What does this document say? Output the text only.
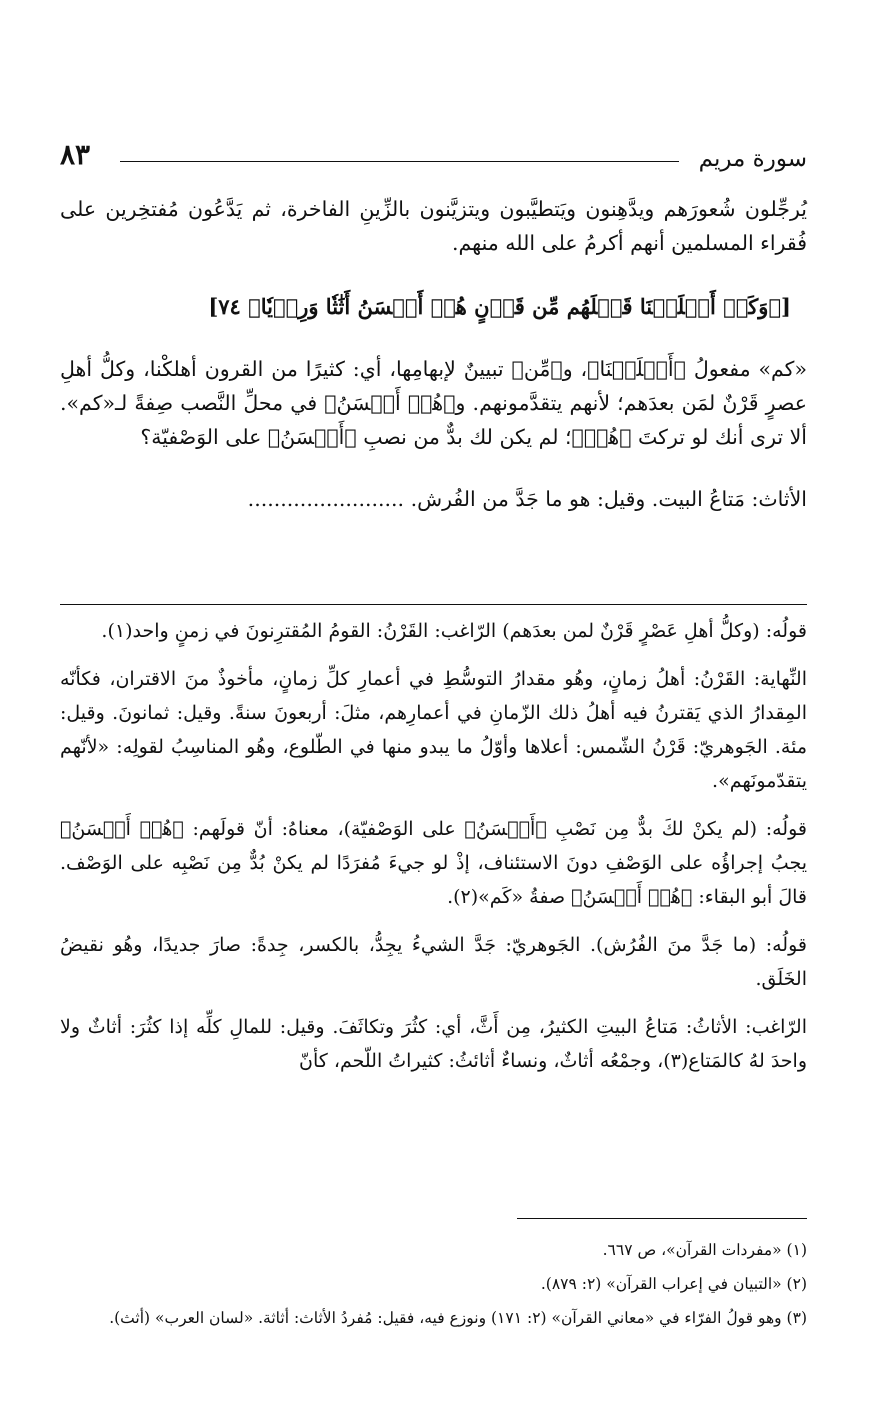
سورة مريم
٨٣

يُرجِّلون شُعورَهم ويدَّهِنون ويَتطيَّبون ويتزيَّنون بالزِّينِ الفاخرة، ثم يَدَّعُون مُفتخِرين على فُقراء المسلمين أنهم أكرمُ على الله منهم.

[﴿وَكَمۡ أَهۡلَكۡنَا قَبۡلَهُم مِّن قَرۡنٍ هُمۡ أَحۡسَنُ أَثَٰثٗا وَرِءۡيٗا﴾ ٧٤]

«كم» مفعولُ ﴿أَهۡلَكۡنَا﴾، و﴿مِّن﴾ تبيينٌ لإبهامِها، أي: كثيرًا من القرون أهلكْنا، وكلُّ أهلِ عصرٍ قَرْنٌ لمَن بعدَهم؛ لأنهم يتقدَّمونهم. و﴿هُمۡ أَحۡسَنُ﴾ في محلِّ النَّصب صِفةً لـ«كم». ألا ترى أنك لو تركتَ ﴿هُمۡ﴾؛ لم يكن لك بدٌّ من نصبِ ﴿أَحۡسَنُ﴾ على الوَصْفيّة؟

الأثاث: مَتاعُ البيت. وقيل: هو ما جَدَّ من الفُرش. ........................

قولُه: (وكلُّ أهلِ عَصْرٍ قَرْنٌ لمن بعدَهم) الرّاغب: القَرْنُ: القومُ المُقترِنونَ في زمنٍ واحد(١).

النِّهاية: القَرْنُ: أهلُ زمانٍ، وهُو مقدارُ التوسُّطِ في أعمارِ كلِّ زمانٍ، مأخوذٌ منَ الاقتران، فكأنّه المِقدارُ الذي يَقترنُ فيه أهلُ ذلك الزّمانِ في أعمارِهم، مثلَ: أربعونَ سنةً. وقيل: ثمانونَ. وقيل: مئة. الجَوهريّ: قَرْنُ الشّمس: أعلاها وأوّلُ ما يبدو منها في الطّلوع، وهُو المناسِبُ لقولِه: «لأنّهم يتقدّمونَهم».

قولُه: (لم يكنْ لكَ بدٌّ مِن نَصْبِ ﴿أَحۡسَنُ﴾ على الوَصْفيّة)، معناهُ: أنّ قولَهم: ﴿هُمۡ أَحۡسَنُ﴾ يجبُ إجراؤُه على الوَصْفِ دونَ الاستئناف، إذْ لو جيءَ مُفرَدًا لم يكنْ بُدٌّ مِن نَصْبِه على الوَصْف. قالَ أبو البقاء: ﴿هُمۡ أَحۡسَنُ﴾ صفةُ «كَم»(٢).

قولُه: (ما جَدَّ منَ الفُرُش). الجَوهريّ: جَدَّ الشيءُ يجِدُّ، بالكسر، جِدةً: صارَ جديدًا، وهُو نقيضُ الخَلَق.

الرّاغب: الأثاثُ: مَتاعُ البيتِ الكثيرُ، مِن أَثَّ، أي: كثُرَ وتكاثَفَ. وقيل: للمالِ كلِّه إذا كثُرَ: أثاثٌ ولا واحدَ لهُ كالمَتاع(٣)، وجمْعُه أثاثٌ، ونساءٌ أثائثُ: كثيراتُ اللّحم، كأنّ

(١) «مفردات القرآن»، ص ٦٦٧.

(٢) «التبيان في إعراب القرآن» (٢: ٨٧٩).

(٣) وهو قولُ الفرّاء في «معاني القرآن» (٢: ١٧١) ونوزع فيه، فقيل: مُفردُ الأثاث: أثاثة. «لسان العرب» (أثث).
